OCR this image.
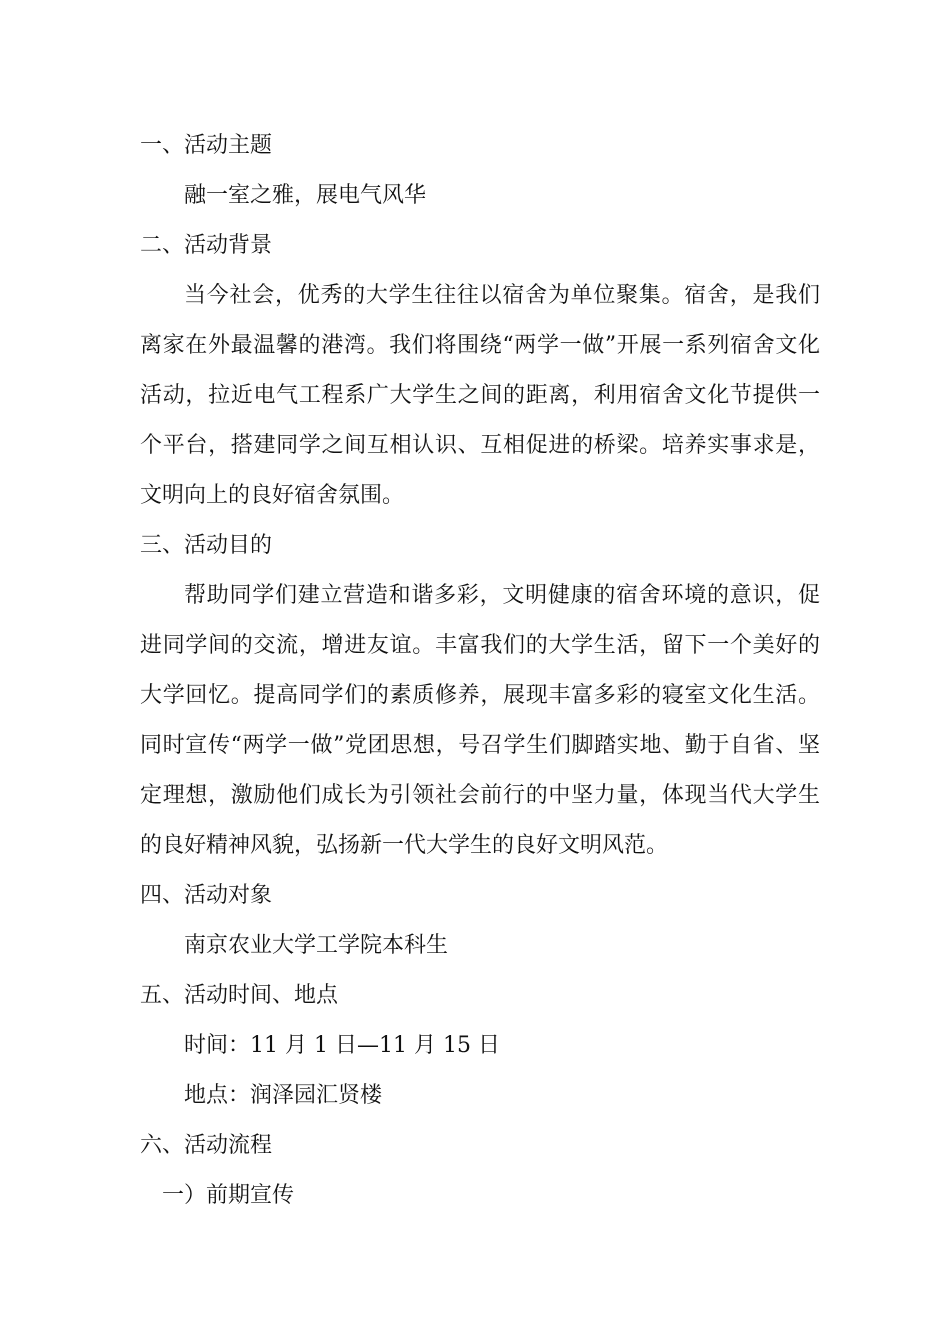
一、活动主题

融一室之雅，展电气风华

二、活动背景

当今社会，优秀的大学生往往以宿舍为单位聚集。宿舍，是我们离家在外最温馨的港湾。我们将围绕“两学一做”开展一系列宿舍文化活动，拉近电气工程系广大学生之间的距离，利用宿舍文化节提供一个平台，搭建同学之间互相认识、互相促进的桥梁。培养实事求是，文明向上的良好宿舍氛围。

三、活动目的

帮助同学们建立营造和谐多彩，文明健康的宿舍环境的意识，促进同学间的交流，增进友谊。丰富我们的大学生活，留下一个美好的大学回忆。提高同学们的素质修养，展现丰富多彩的寝室文化生活。同时宣传“两学一做”党团思想，号召学生们脚踏实地、勤于自省、坚定理想，激励他们成长为引领社会前行的中坚力量，体现当代大学生的良好精神风貌，弘扬新一代大学生的良好文明风范。

四、活动对象

南京农业大学工学院本科生

五、活动时间、地点

时间：11 月 1 日—11 月 15 日

地点：润泽园汇贤楼

六、活动流程

一）前期宣传
